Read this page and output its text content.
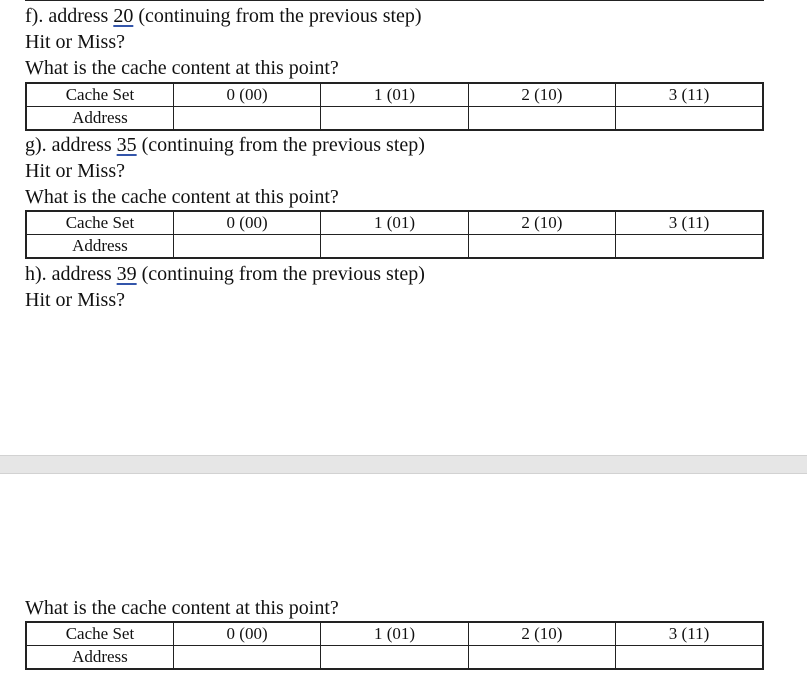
f). address 20 (continuing from the previous step)
Hit or Miss?
What is the cache content at this point?
Cache Set	0 (00)	1 (01)	2 (10)	3 (11)
Address				
g). address 35 (continuing from the previous step)
Hit or Miss?
What is the cache content at this point?
Cache Set	0 (00)	1 (01)	2 (10)	3 (11)
Address				
h). address 39 (continuing from the previous step)
Hit or Miss?
What is the cache content at this point?
Cache Set	0 (00)	1 (01)	2 (10)	3 (11)
Address				
